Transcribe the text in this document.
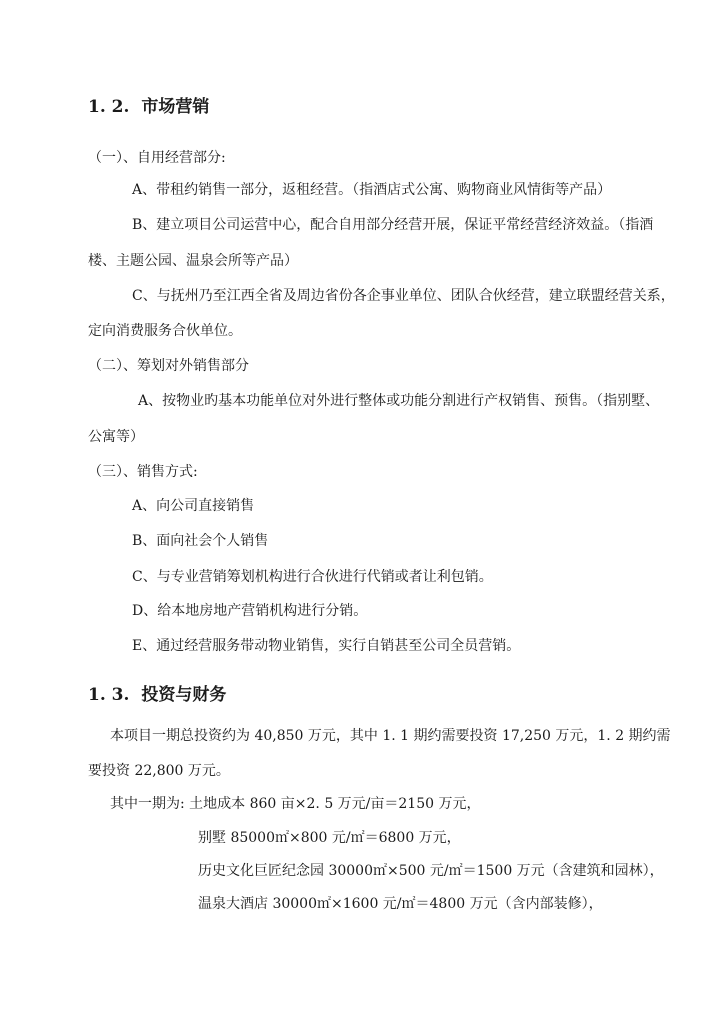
1. 2. 市场营销
（一）、自用经营部分:
A、带租约销售一部分，返租经营。（指酒店式公寓、购物商业风情街等产品）
B、建立项目公司运营中心，配合自用部分经营开展，保证平常经营经济效益。（指酒
楼、主题公园、温泉会所等产品）
C、与抚州乃至江西全省及周边省份各企事业单位、团队合伙经营，建立联盟经营关系，
定向消费服务合伙单位。
（二）、筹划对外销售部分
A、按物业旳基本功能单位对外进行整体或功能分割进行产权销售、预售。（指别墅、
公寓等）
（三）、销售方式:
A、向公司直接销售
B、面向社会个人销售
C、与专业营销筹划机构进行合伙进行代销或者让利包销。
D、给本地房地产营销机构进行分销。
E、通过经营服务带动物业销售，实行自销甚至公司全员营销。
1. 3. 投资与财务
本项目一期总投资约为 40,850 万元，其中 1. 1 期约需要投资 17,250 万元，1. 2 期约需
要投资 22,800 万元。
其中一期为: 土地成本 860 亩×2. 5 万元/亩＝2150 万元，
别墅 85000㎡×800 元/㎡＝6800 万元，
历史文化巨匠纪念园 30000㎡×500 元/㎡＝1500 万元（含建筑和园林），
温泉大酒店 30000㎡×1600 元/㎡＝4800 万元（含内部装修），
